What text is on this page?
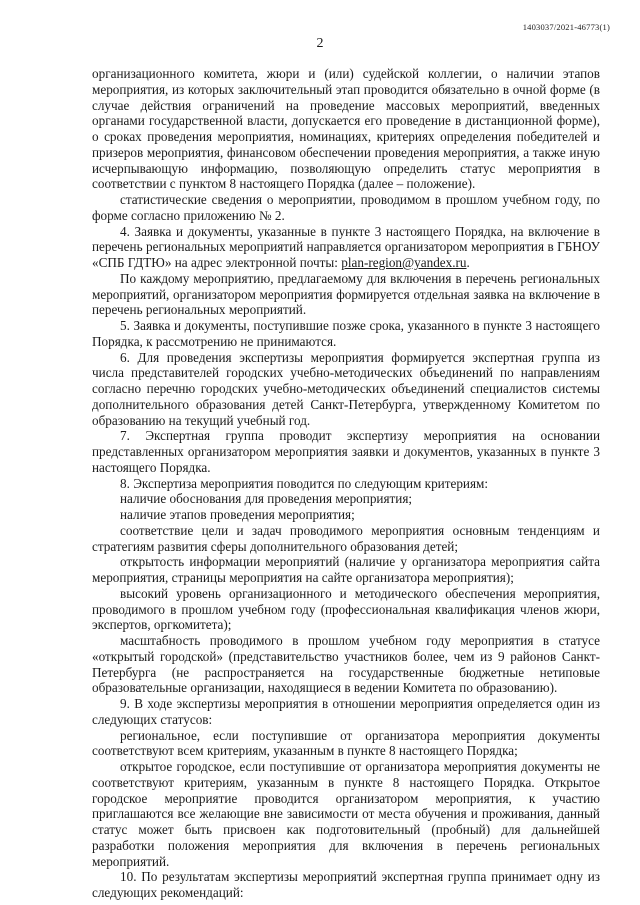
1403037/2021-46773(1)
2

организационного комитета, жюри и (или) судейской коллегии, о наличии этапов мероприятия, из которых заключительный этап проводится обязательно в очной форме (в случае действия ограничений на проведение массовых мероприятий, введенных органами государственной власти, допускается его проведение в дистанционной форме), о сроках проведения мероприятия, номинациях, критериях определения победителей и призеров мероприятия, финансовом обеспечении проведения мероприятия, а также иную исчерпывающую информацию, позволяющую определить статус мероприятия в соответствии с пунктом 8 настоящего Порядка (далее – положение).

статистические сведения о мероприятии, проводимом в прошлом учебном году, по форме согласно приложению № 2.

4. Заявка и документы, указанные в пункте 3 настоящего Порядка, на включение в перечень региональных мероприятий направляется организатором мероприятия в ГБНОУ «СПБ ГДТЮ» на адрес электронной почты: plan-region@yandex.ru.

По каждому мероприятию, предлагаемому для включения в перечень региональных мероприятий, организатором мероприятия формируется отдельная заявка на включение в перечень региональных мероприятий.

5. Заявка и документы, поступившие позже срока, указанного в пункте 3 настоящего Порядка, к рассмотрению не принимаются.

6. Для проведения экспертизы мероприятия формируется экспертная группа из числа представителей городских учебно-методических объединений по направлениям согласно перечню городских учебно-методических объединений специалистов системы дополнительного образования детей Санкт-Петербурга, утвержденному Комитетом по образованию на текущий учебный год.

7. Экспертная группа проводит экспертизу мероприятия на основании представленных организатором мероприятия заявки и документов, указанных в пункте 3 настоящего Порядка.

8. Экспертиза мероприятия поводится по следующим критериям:

наличие обоснования для проведения мероприятия;

наличие этапов проведения мероприятия;

соответствие цели и задач проводимого мероприятия основным тенденциям и стратегиям развития сферы дополнительного образования детей;

открытость информации мероприятий (наличие у организатора мероприятия сайта мероприятия, страницы мероприятия на сайте организатора мероприятия);

высокий уровень организационного и методического обеспечения мероприятия, проводимого в прошлом учебном году (профессиональная квалификация членов жюри, экспертов, оргкомитета);

масштабность проводимого в прошлом учебном году мероприятия в статусе «открытый городской» (представительство участников более, чем из 9 районов Санкт-Петербурга (не распространяется на государственные бюджетные нетиповые образовательные организации, находящиеся в ведении Комитета по образованию).

9. В ходе экспертизы мероприятия в отношении мероприятия определяется один из следующих статусов:

региональное, если поступившие от организатора мероприятия документы соответствуют всем критериям, указанным в пункте 8 настоящего Порядка;

открытое городское, если поступившие от организатора мероприятия документы не соответствуют критериям, указанным в пункте 8 настоящего Порядка. Открытое городское мероприятие проводится организатором мероприятия, к участию приглашаются все желающие вне зависимости от места обучения и проживания, данный статус может быть присвоен как подготовительный (пробный) для дальнейшей разработки положения мероприятия для включения в перечень региональных мероприятий.

10. По результатам экспертизы мероприятий экспертная группа принимает одну из следующих рекомендаций:
